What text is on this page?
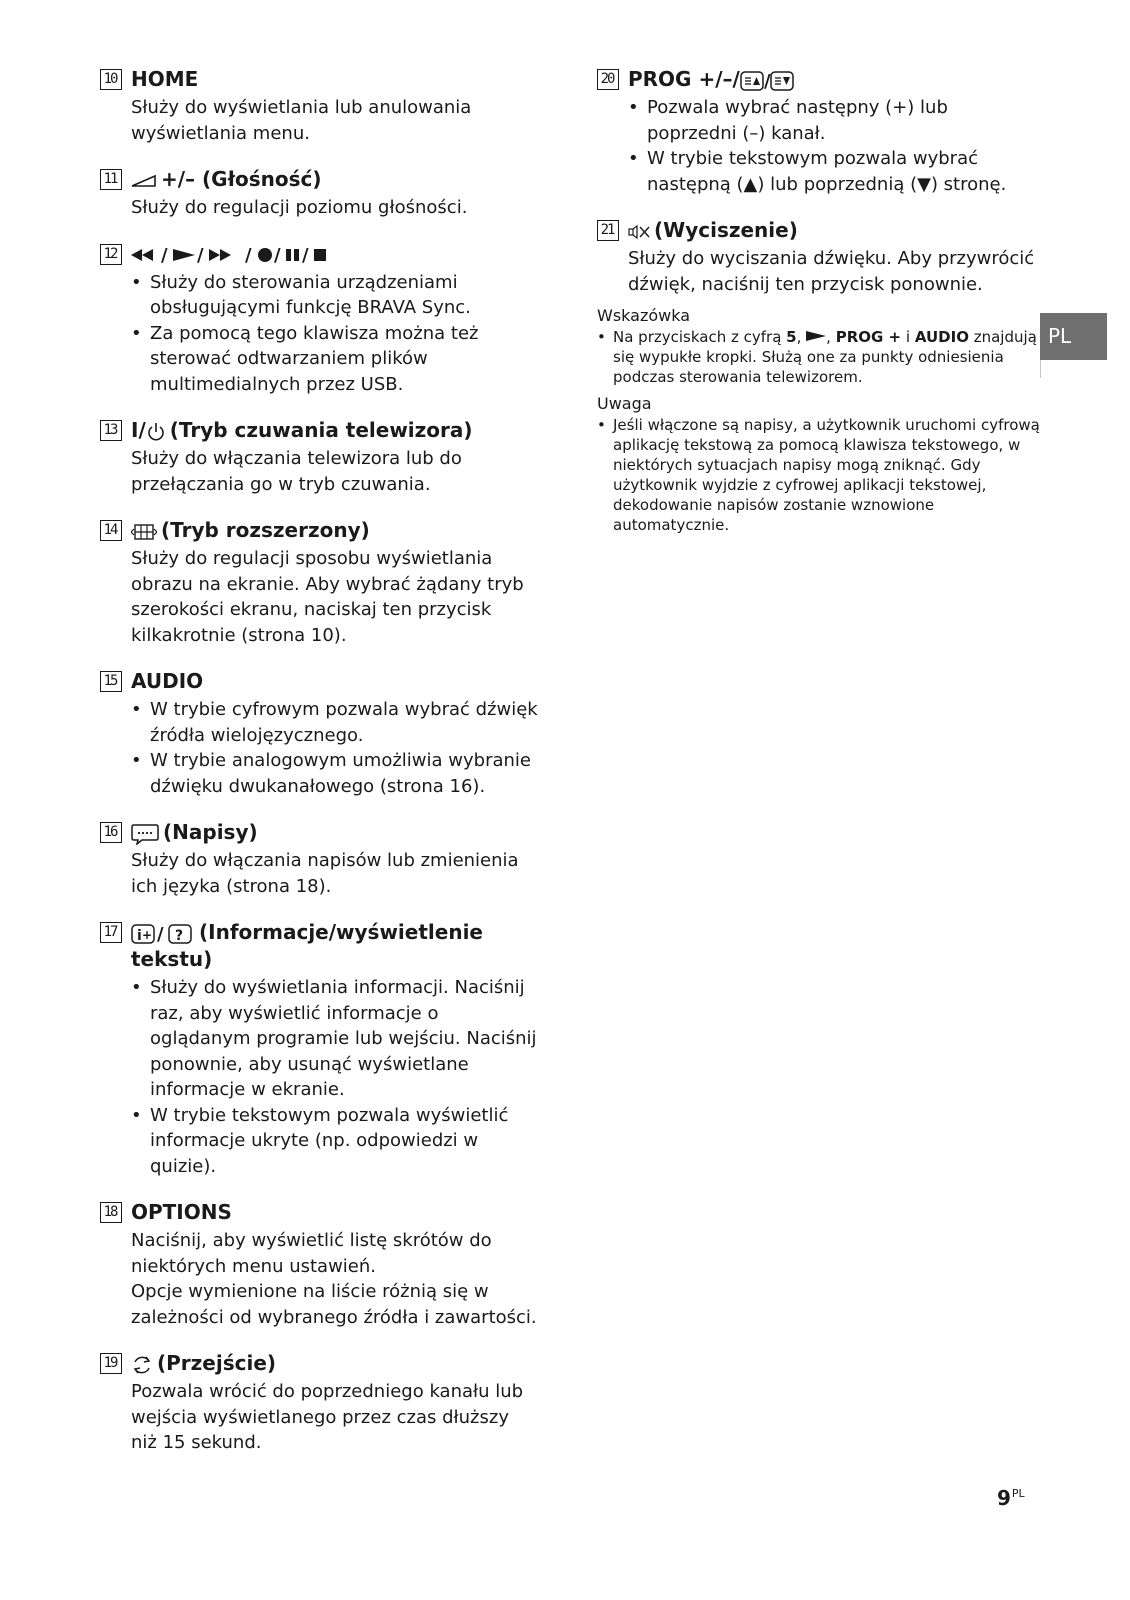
10 HOME

Służy do wyświetlania lub anulowania wyświetlania menu.

11	+/– (Głośność)

Służy do regulacji poziomu głośności.

12	/ / / / /
• Służy do sterowania urządzeniami obsługującymi funkcję BRAVA Sync.
• Za pomocą tego klawisza można też sterować odtwarzaniem plików multimedialnych przez USB.
13 I/ (Tryb czuwania telewizora)

Służy do włączania telewizora lub do przełączania go w tryb czuwania.

14	(Tryb rozszerzony)

Służy do regulacji sposobu wyświetlania obrazu na ekranie. Aby wybrać żądany tryb szerokości ekranu, naciskaj ten przycisk kilkakrotnie (strona 10).

15 AUDIO
• W trybie cyfrowym pozwala wybrać dźwięk źródła wielojęzycznego.
• W trybie analogowym umożliwia wybranie dźwięku dwukanałowego (strona 16).
16	(Napisy)

Służy do włączania napisów lub zmienienia ich języka (strona 18).

17	i + / ? (Informacje/wyświetlenie tekstu)
• Służy do wyświetlania informacji. Naciśnij raz, aby wyświetlić informacje o oglądanym programie lub wejściu. Naciśnij ponownie, aby usunąć wyświetlane informacje w ekranie.
• W trybie tekstowym pozwala wyświetlić informacje ukryte (np. odpowiedzi w quizie).
18 OPTIONS

Naciśnij, aby wyświetlić listę skrótów do niektórych menu ustawień.

Opcje wymienione na liście różnią się w zależności od wybranego źródła i zawartości.

19	(Przejście)

Pozwala wrócić do poprzedniego kanału lub wejścia wyświetlanego przez czas dłuższy niż 15 sekund.

20 PROG +/–/ /
• Pozwala wybrać następny (+) lub poprzedni (–) kanał.
• W trybie tekstowym pozwala wybrać następną (▲) lub poprzednią (▼) stronę.
21	(Wyciszenie)

Służy do wyciszania dźwięku. Aby przywrócić dźwięk, naciśnij ten przycisk ponownie.

Wskazówka
• Na przyciskach z cyfrą 5,
, PROG + i AUDIO znajdują się wypukłe kropki. Służą one za punkty odniesienia podczas sterowania telewizorem.
Uwaga
• Jeśli włączone są napisy, a użytkownik uruchomi cyfrową aplikację tekstową za pomocą klawisza tekstowego, w niektórych sytuacjach napisy mogą zniknąć. Gdy użytkownik wyjdzie z cyfrowej aplikacji tekstowej, dekodowanie napisów zostanie wznowione automatycznie.
PL
$9^{PL}$
